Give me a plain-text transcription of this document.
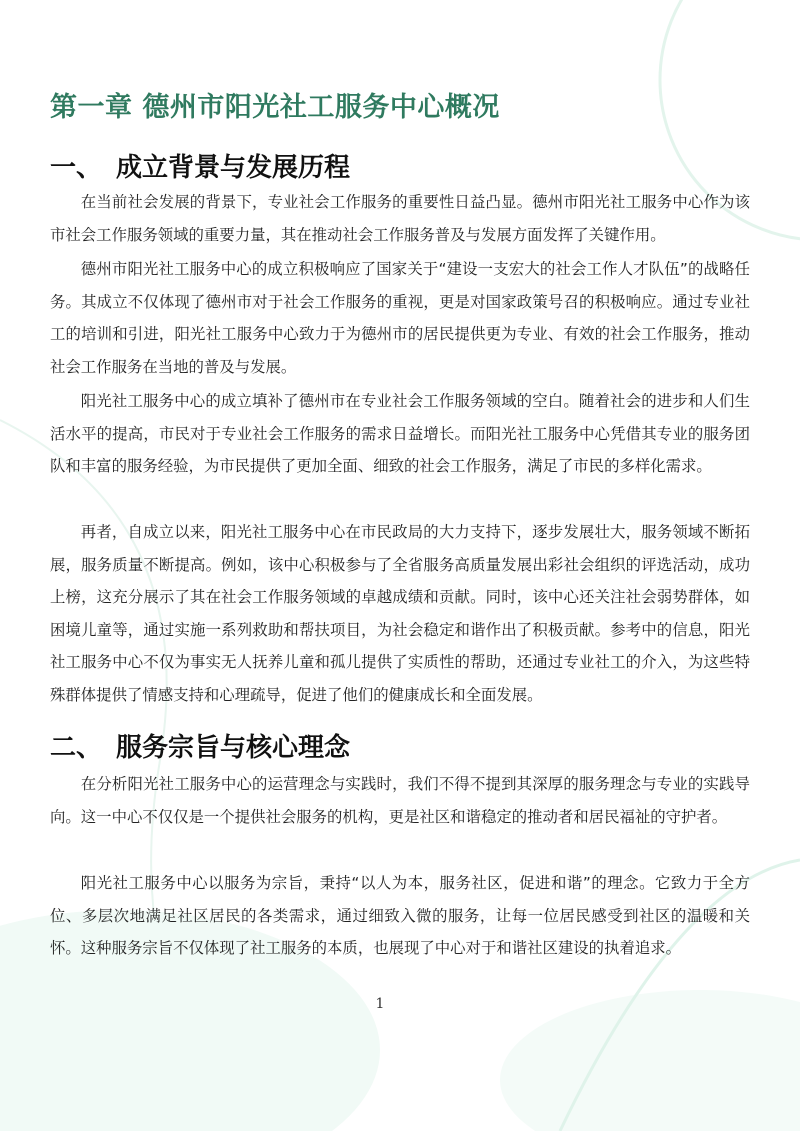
第一章 德州市阳光社工服务中心概况
一、 成立背景与发展历程

在当前社会发展的背景下，专业社会工作服务的重要性日益凸显。德州市阳光社工服务中心作为该市社会工作服务领域的重要力量，其在推动社会工作服务普及与发展方面发挥了关键作用。

德州市阳光社工服务中心的成立积极响应了国家关于“建设一支宏大的社会工作人才队伍”的战略任务。其成立不仅体现了德州市对于社会工作服务的重视，更是对国家政策号召的积极响应。通过专业社工的培训和引进，阳光社工服务中心致力于为德州市的居民提供更为专业、有效的社会工作服务，推动社会工作服务在当地的普及与发展。

阳光社工服务中心的成立填补了德州市在专业社会工作服务领域的空白。随着社会的进步和人们生活水平的提高，市民对于专业社会工作服务的需求日益增长。而阳光社工服务中心凭借其专业的服务团队和丰富的服务经验，为市民提供了更加全面、细致的社会工作服务，满足了市民的多样化需求。

再者，自成立以来，阳光社工服务中心在市民政局的大力支持下，逐步发展壮大，服务领域不断拓展，服务质量不断提高。例如，该中心积极参与了全省服务高质量发展出彩社会组织的评选活动，成功上榜，这充分展示了其在社会工作服务领域的卓越成绩和贡献。同时，该中心还关注社会弱势群体，如困境儿童等，通过实施一系列救助和帮扶项目，为社会稳定和谐作出了积极贡献。参考中的信息，阳光社工服务中心不仅为事实无人抚养儿童和孤儿提供了实质性的帮助，还通过专业社工的介入，为这些特殊群体提供了情感支持和心理疏导，促进了他们的健康成长和全面发展。

二、 服务宗旨与核心理念

在分析阳光社工服务中心的运营理念与实践时，我们不得不提到其深厚的服务理念与专业的实践导向。这一中心不仅仅是一个提供社会服务的机构，更是社区和谐稳定的推动者和居民福祉的守护者。

阳光社工服务中心以服务为宗旨，秉持“以人为本，服务社区，促进和谐”的理念。它致力于全方位、多层次地满足社区居民的各类需求，通过细致入微的服务，让每一位居民感受到社区的温暖和关怀。这种服务宗旨不仅体现了社工服务的本质，也展现了中心对于和谐社区建设的执着追求。

1
